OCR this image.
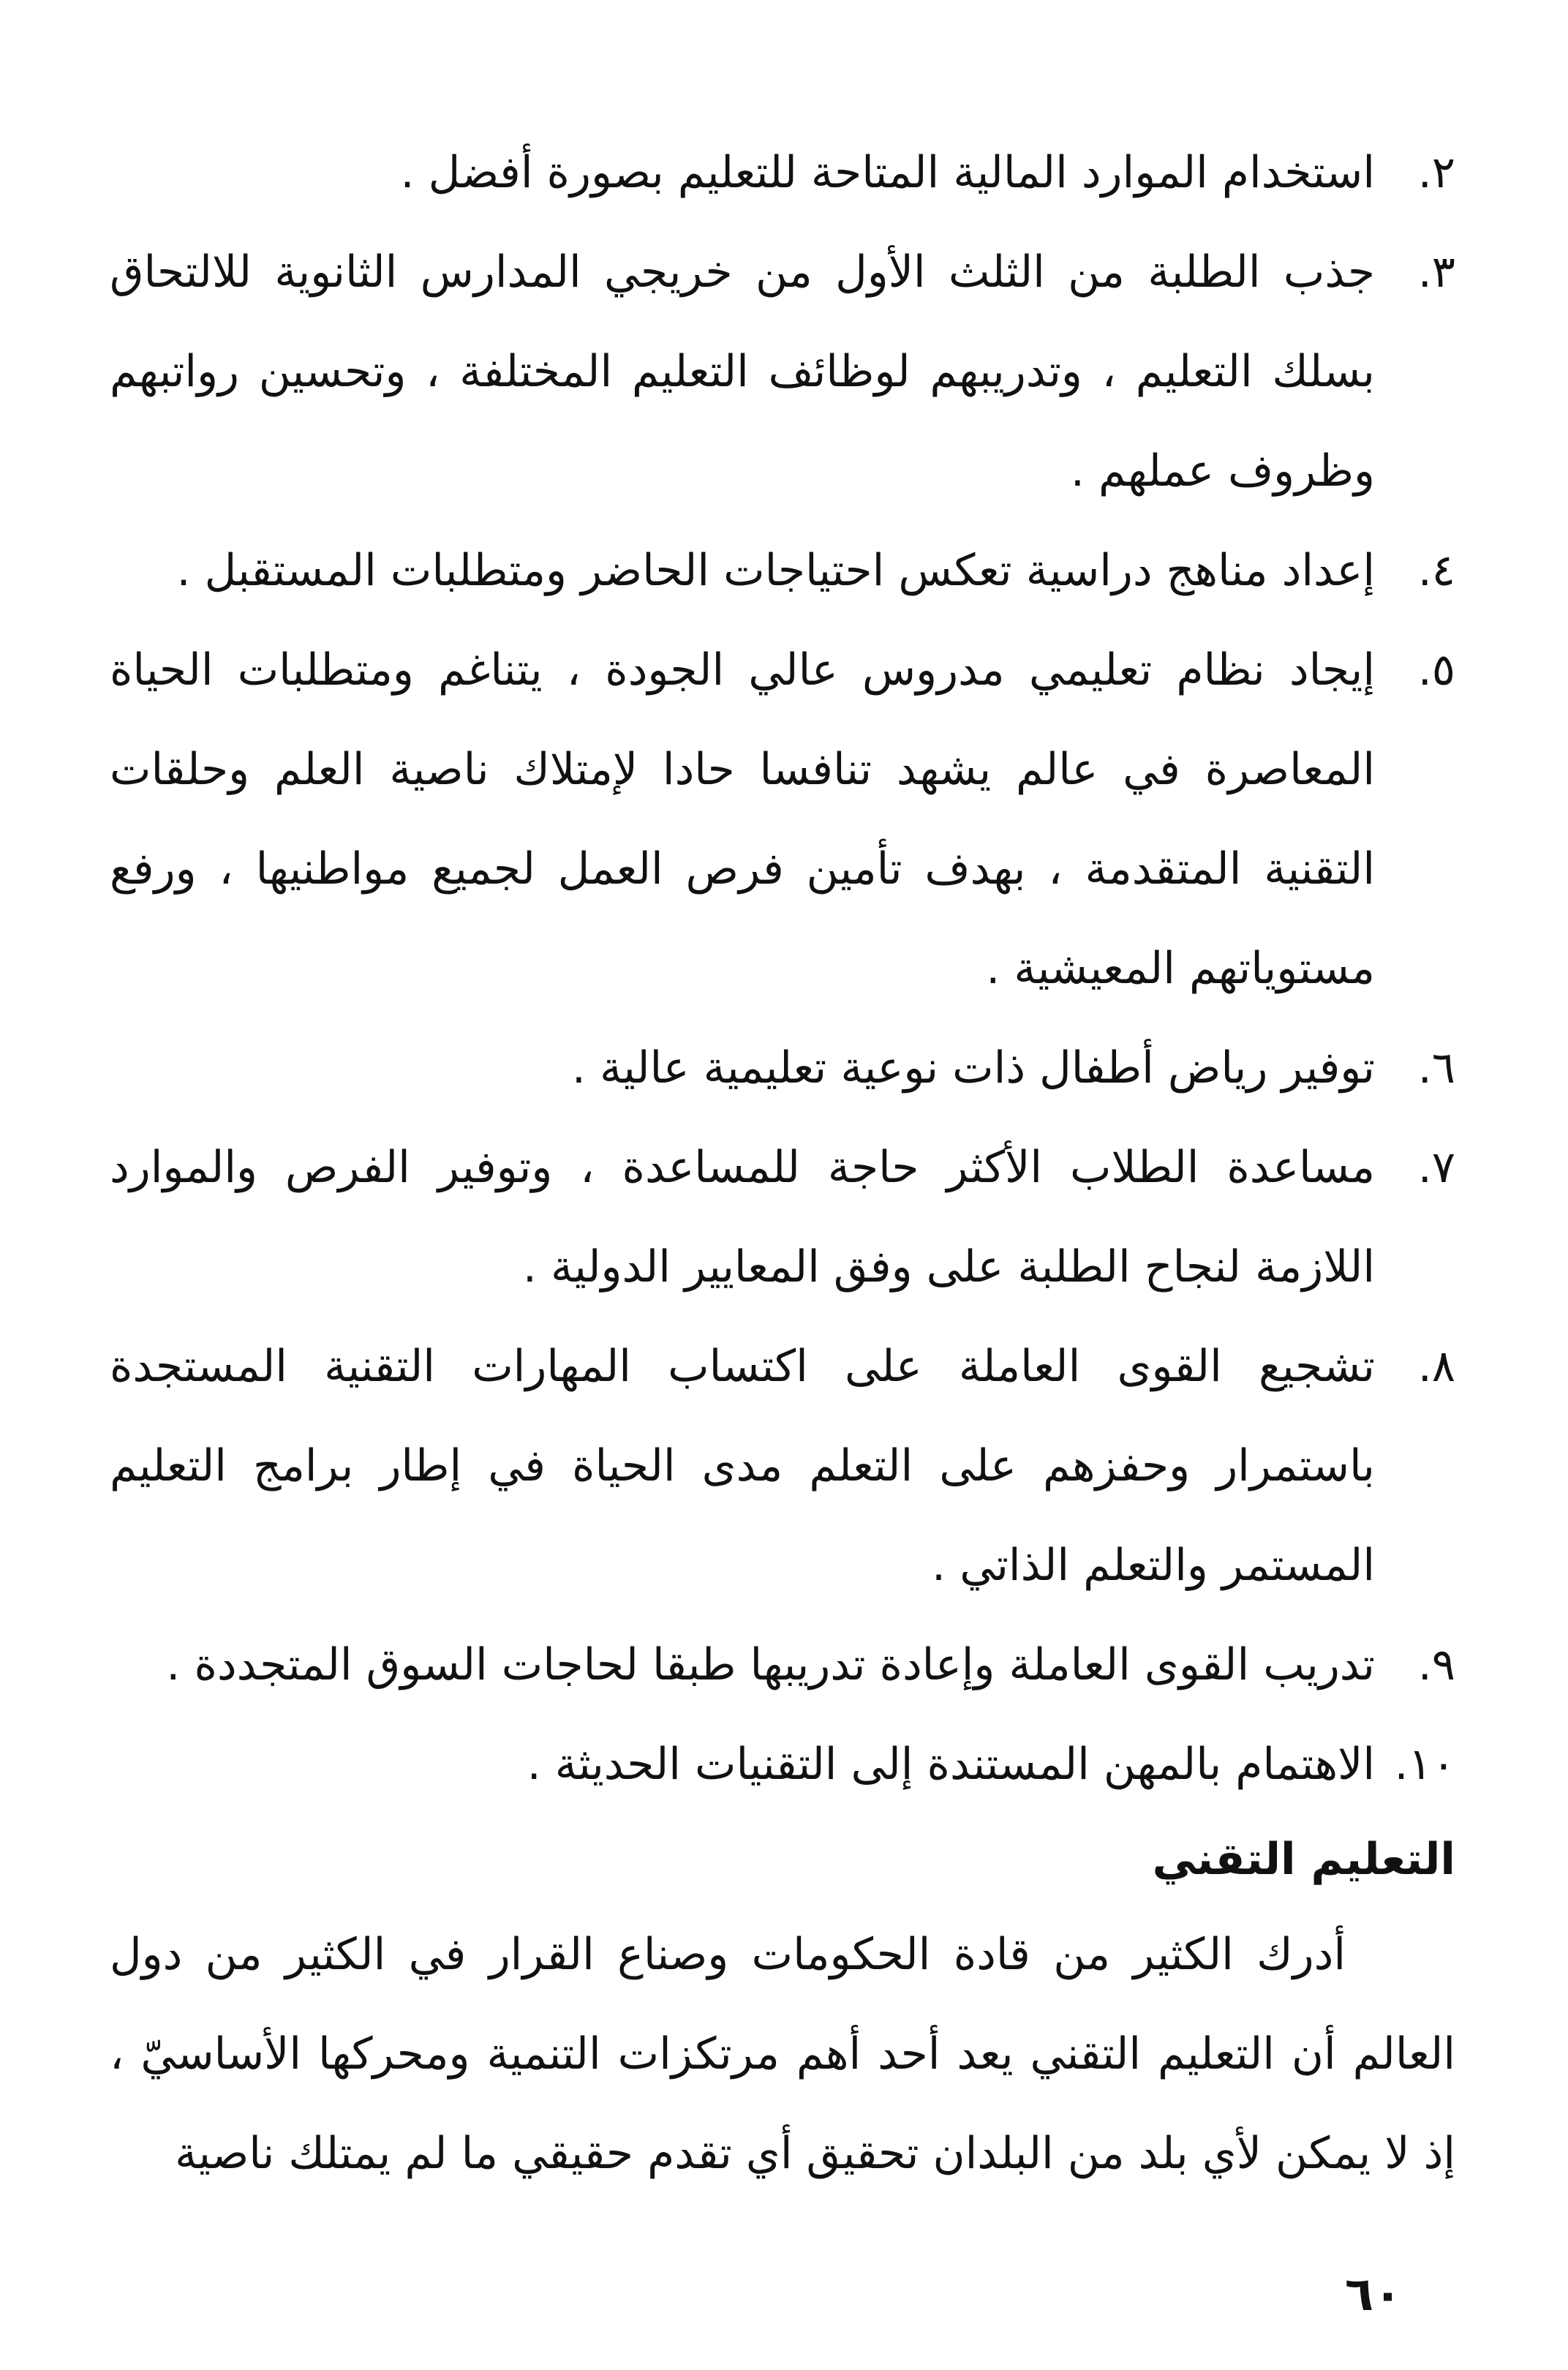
٢.
استخدام الموارد المالية المتاحة للتعليم بصورة أفضل .
٣.
جذب الطلبة من الثلث الأول من خريجي المدارس الثانوية للالتحاق بسلك التعليم ، وتدريبهم لوظائف التعليم المختلفة ، وتحسين رواتبهم وظروف عملهم .
٤.
إعداد مناهج دراسية تعكس احتياجات الحاضر ومتطلبات المستقبل .
٥.
إيجاد نظام تعليمي مدروس عالي الجودة ، يتناغم ومتطلبات الحياة المعاصرة في عالم يشهد تنافسا حادا لإمتلاك ناصية العلم وحلقات التقنية المتقدمة ، بهدف تأمين فرص العمل لجميع مواطنيها ، ورفع مستوياتهم المعيشية .
٦.
توفير رياض أطفال ذات نوعية تعليمية عالية .
٧.
مساعدة الطلاب الأكثر حاجة للمساعدة ، وتوفير الفرص والموارد اللازمة لنجاح الطلبة على وفق المعايير الدولية .
٨.
تشجيع القوى العاملة على اكتساب المهارات التقنية المستجدة باستمرار وحفزهم على التعلم مدى الحياة في إطار برامج التعليم المستمر والتعلم الذاتي .
٩.
تدريب القوى العاملة وإعادة تدريبها طبقا لحاجات السوق المتجددة .
١٠.
الاهتمام بالمهن المستندة إلى التقنيات الحديثة .
التعليم التقني

أدرك الكثير من قادة الحكومات وصناع القرار في الكثير من دول العالم أن التعليم التقني يعد أحد أهم مرتكزات التنمية ومحركها الأساسيّ ، إذ لا يمكن لأي بلد من البلدان تحقيق أي تقدم حقيقي ما لم يمتلك ناصية

٦٠
